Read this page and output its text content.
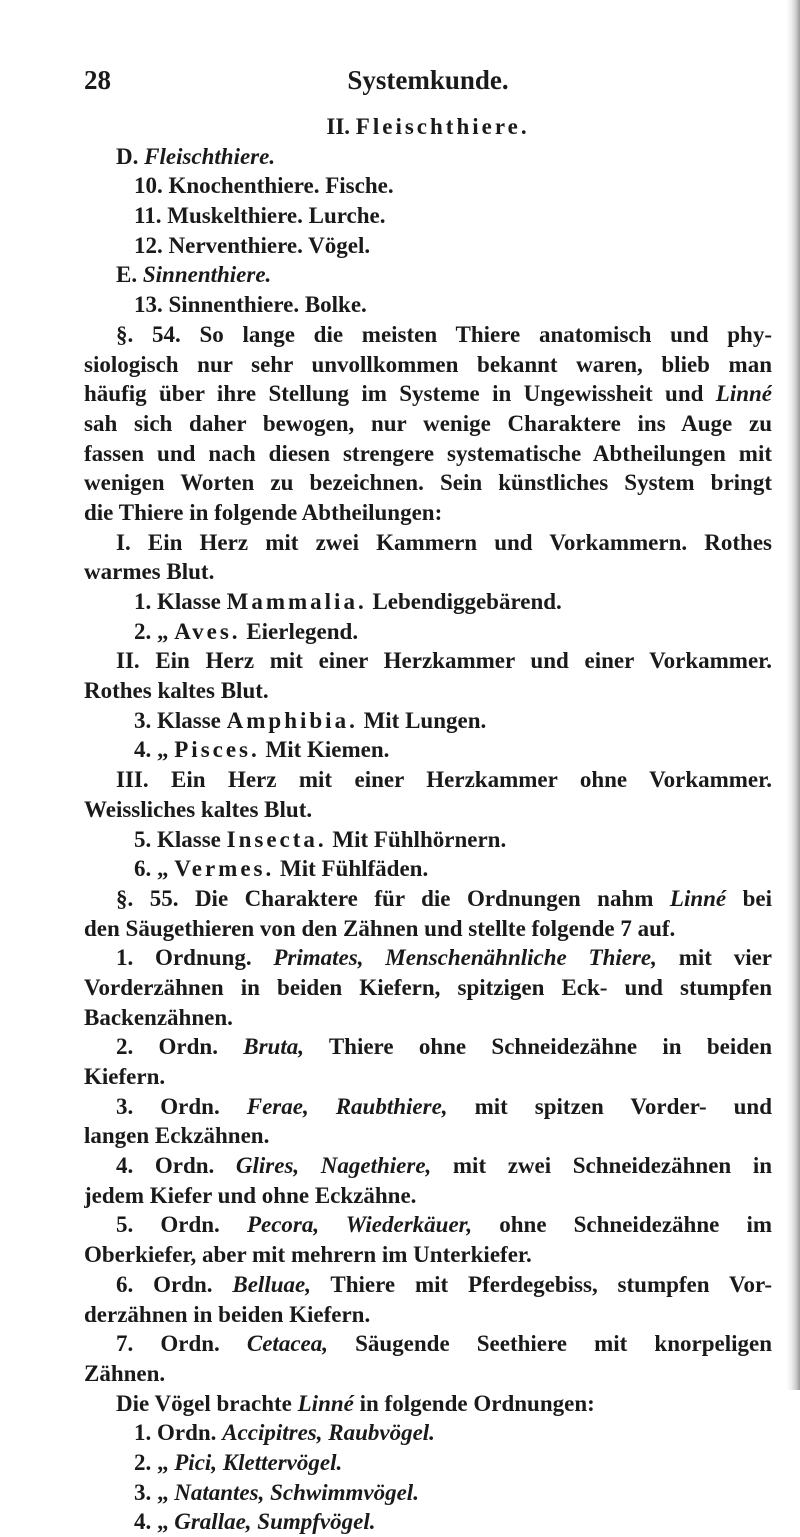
28	Systemkunde.
II. Fleischthiere.
D. Fleischthiere.
10. Knochenthiere. Fische.
11. Muskelthiere. Lurche.
12. Nerventhiere. Vögel.
E. Sinnenthiere.
13. Sinnenthiere. Bolke.
§. 54. So lange die meisten Thiere anatomisch und phy-
siologisch nur sehr unvollkommen bekannt waren, blieb man
häufig über ihre Stellung im Systeme in Ungewissheit und Linné
sah sich daher bewogen, nur wenige Charaktere ins Auge zu
fassen und nach diesen strengere systematische Abtheilungen mit
wenigen Worten zu bezeichnen. Sein künstliches System bringt
die Thiere in folgende Abtheilungen:
I. Ein Herz mit zwei Kammern und Vorkammern. Rothes
warmes Blut.
1. Klasse Mammalia. Lebendiggebärend.
2. „ Aves. Eierlegend.
II. Ein Herz mit einer Herzkammer und einer Vorkammer.
Rothes kaltes Blut.
3. Klasse Amphibia. Mit Lungen.
4. „ Pisces. Mit Kiemen.
III. Ein Herz mit einer Herzkammer ohne Vorkammer.
Weissliches kaltes Blut.
5. Klasse Insecta. Mit Fühlhörnern.
6. „ Vermes. Mit Fühlfäden.
§. 55. Die Charaktere für die Ordnungen nahm Linné bei
den Säugethieren von den Zähnen und stellte folgende 7 auf.
1. Ordnung. Primates, Menschenähnliche Thiere, mit vier
Vorderzähnen in beiden Kiefern, spitzigen Eck- und stumpfen
Backenzähnen.
2. Ordn. Bruta, Thiere ohne Schneidezähne in beiden
Kiefern.
3. Ordn. Ferae, Raubthiere, mit spitzen Vorder- und
langen Eckzähnen.
4. Ordn. Glires, Nagethiere, mit zwei Schneidezähnen in
jedem Kiefer und ohne Eckzähne.
5. Ordn. Pecora, Wiederkäuer, ohne Schneidezähne im
Oberkiefer, aber mit mehrern im Unterkiefer.
6. Ordn. Belluae, Thiere mit Pferdegebiss, stumpfen Vor-
derzähnen in beiden Kiefern.
7. Ordn. Cetacea, Säugende Seethiere mit knorpeligen
Zähnen.
Die Vögel brachte Linné in folgende Ordnungen:
1. Ordn. Accipitres, Raubvögel.
2. „ Pici, Klettervögel.
3. „ Natantes, Schwimmvögel.
4. „ Grallae, Sumpfvögel.
